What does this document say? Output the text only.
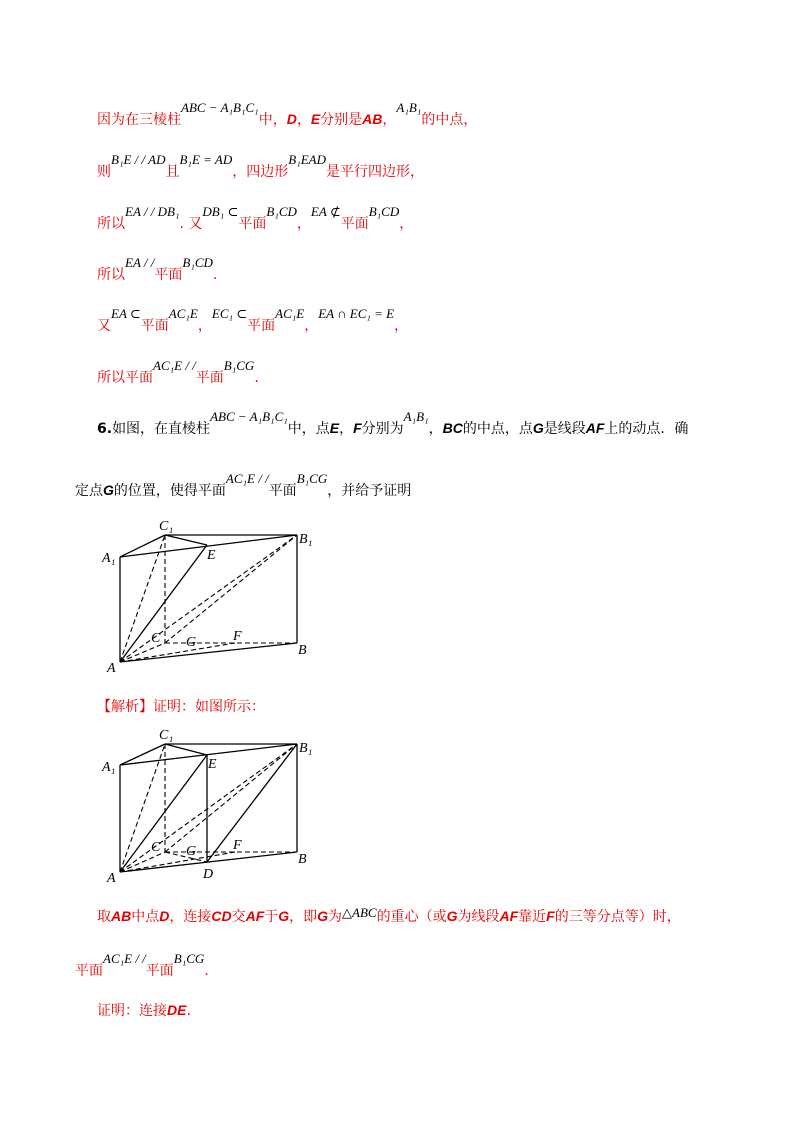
因为在三棱柱ABC − A₁B₁C₁中，D，E分别是AB，A₁B₁的中点，
则B₁E / / AD且B₁E = AD，四边形B₁EAD是平行四边形，
所以EA / / DB₁. 又DB₁ ⊂平面B₁CD，EA ⊄平面B₁CD，
所以EA / /平面B₁CD.
又EA ⊂平面AC₁E，EC₁ ⊂平面AC₁E，EA ∩ EC₁ = E，
所以平面AC₁E / /平面B₁CG.
6.如图，在直棱柱ABC − A₁B₁C₁中，点E，F分别为A₁B₁，BC的中点，点G是线段AF上的动点．确
定点G的位置，使得平面AC₁E / /平面B₁CG，并给予证明
C₁
A₁	E
B₁
C G	F
B
A
【解析】证明：如图所示：
C₁
A₁	E
B₁
C G	F
B
A	D
取AB中点D，连接CD交AF于G，即G为△ABC的重心（或G为线段AF靠近F的三等分点等）时，
平面AC₁E / /平面B₁CG.
证明：连接DE.
